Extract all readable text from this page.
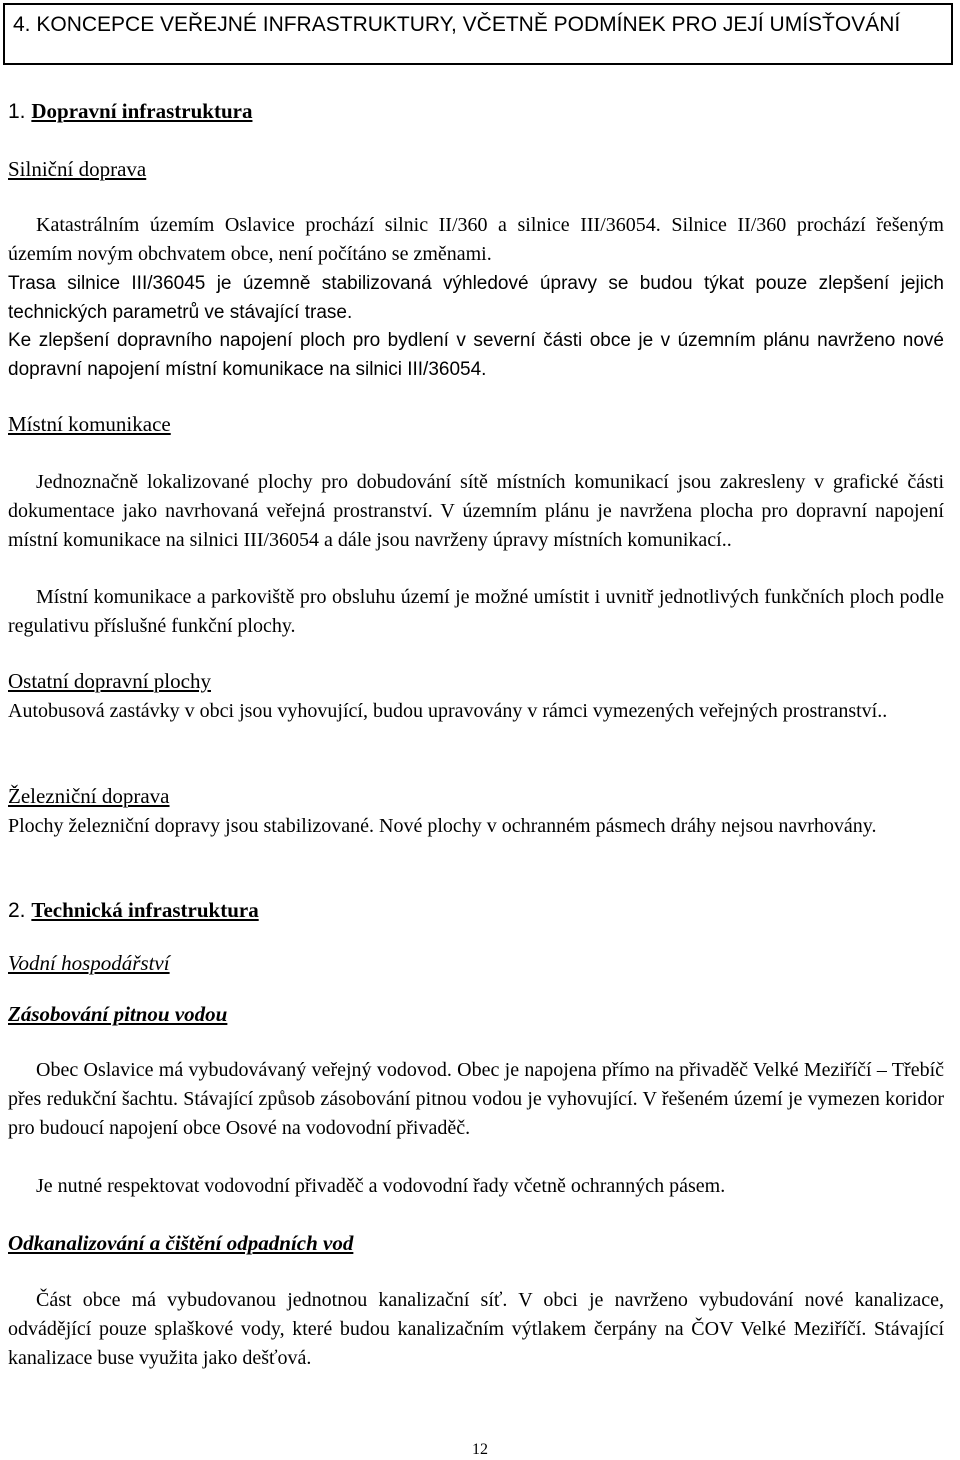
4. KONCEPCE VEŘEJNÉ INFRASTRUKTURY, VČETNĚ PODMÍNEK PRO JEJÍ UMÍSŤOVÁNÍ
1. Dopravní infrastruktura
Silniční doprava

Katastrálním územím Oslavice prochází silnic II/360 a silnice III/36054. Silnice II/360 prochází řešeným územím novým obchvatem obce, není počítáno se změnami.

Trasa silnice III/36045 je územně stabilizovaná výhledové úpravy se budou týkat pouze zlepšení jejich technických parametrů ve stávající trase.

Ke zlepšení dopravního napojení ploch pro bydlení v severní části obce je v územním plánu navrženo nové dopravní napojení místní komunikace na silnici III/36054.

Místní komunikace

Jednoznačně lokalizované plochy pro dobudování sítě místních komunikací jsou zakresleny v grafické části dokumentace jako navrhovaná veřejná prostranství. V územním plánu je navržena plocha pro dopravní napojení místní komunikace na silnici III/36054 a dále jsou navrženy úpravy místních komunikací..

Místní komunikace a parkoviště pro obsluhu území je možné umístit i uvnitř jednotlivých funkčních ploch podle regulativu příslušné funkční plochy.

Ostatní dopravní plochy

Autobusová zastávky v obci jsou vyhovující, budou upravovány v rámci vymezených veřejných prostranství..

Železniční doprava

Plochy železniční dopravy jsou stabilizované. Nové plochy v ochranném pásmech dráhy nejsou navrhovány.

2. Technická infrastruktura
Vodní hospodářství
Zásobování pitnou vodou

Obec Oslavice má vybudovávaný veřejný vodovod. Obec je napojena přímo na přivaděč Velké Meziříčí – Třebíč přes redukční šachtu. Stávající způsob zásobování pitnou vodou je vyhovující. V řešeném území je vymezen koridor pro budoucí napojení obce Osové na vodovodní přivaděč.

Je nutné respektovat vodovodní přivaděč a vodovodní řady včetně ochranných pásem.

Odkanalizování a čištění odpadních vod

Část obce má vybudovanou jednotnou kanalizační síť. V obci je navrženo vybudování nové kanalizace, odvádějící pouze splaškové vody, které budou kanalizačním výtlakem čerpány na ČOV Velké Meziříčí. Stávající kanalizace buse využita jako dešťová.

12
